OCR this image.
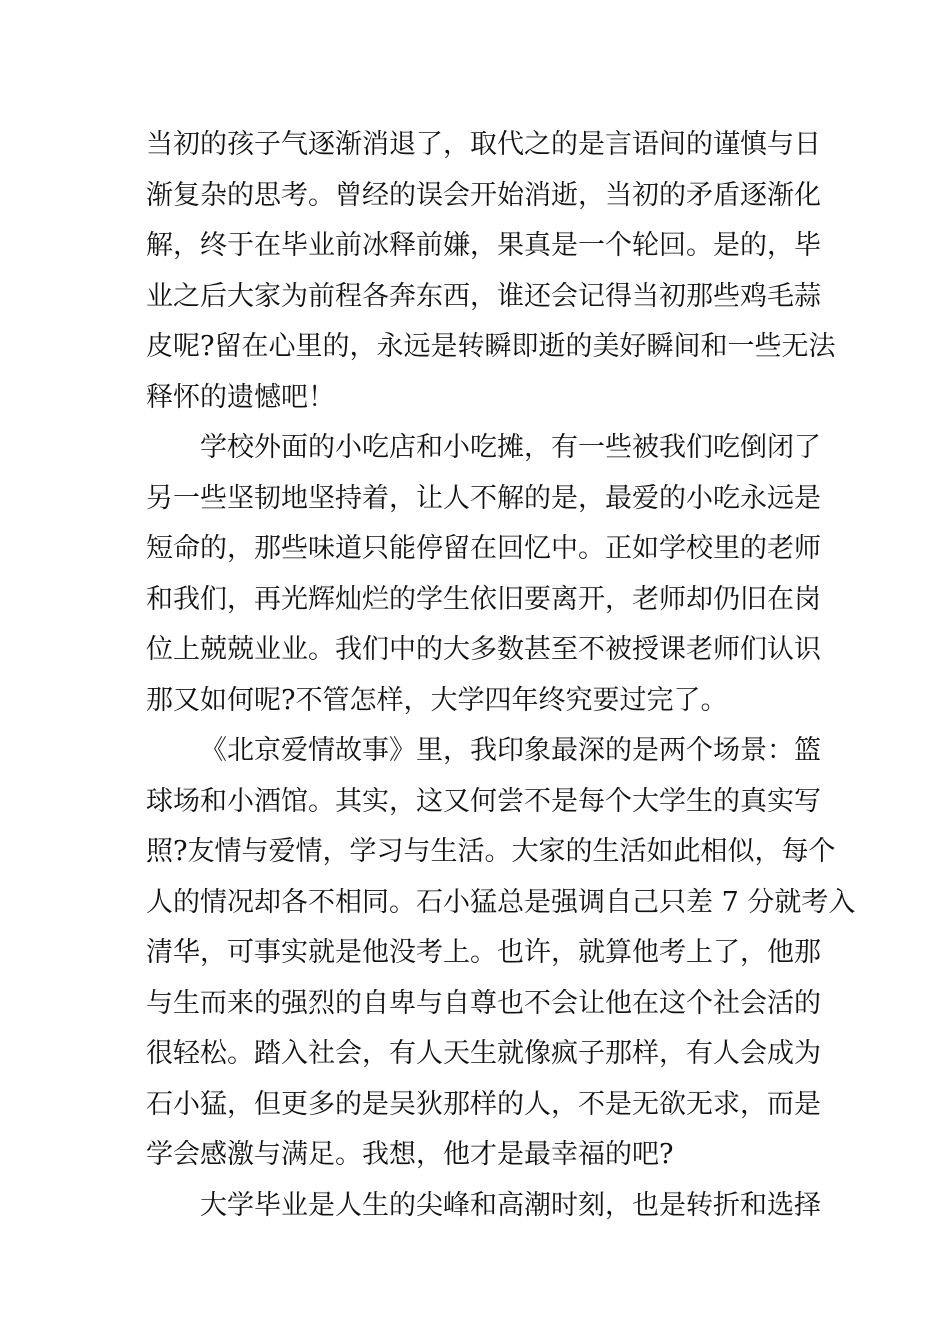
当初的孩子气逐渐消退了，取代之的是言语间的谨慎与日
渐复杂的思考。曾经的误会开始消逝，当初的矛盾逐渐化
解，终于在毕业前冰释前嫌，果真是一个轮回。是的，毕
业之后大家为前程各奔东西，谁还会记得当初那些鸡毛蒜
皮呢?留在心里的，永远是转瞬即逝的美好瞬间和一些无法
释怀的遗憾吧！
学校外面的小吃店和小吃摊，有一些被我们吃倒闭了
另一些坚韧地坚持着，让人不解的是，最爱的小吃永远是
短命的，那些味道只能停留在回忆中。正如学校里的老师
和我们，再光辉灿烂的学生依旧要离开，老师却仍旧在岗
位上兢兢业业。我们中的大多数甚至不被授课老师们认识
那又如何呢?不管怎样，大学四年终究要过完了。
《北京爱情故事》里，我印象最深的是两个场景：篮
球场和小酒馆。其实，这又何尝不是每个大学生的真实写
照?友情与爱情，学习与生活。大家的生活如此相似，每个
人的情况却各不相同。石小猛总是强调自己只差 7 分就考入
清华，可事实就是他没考上。也许，就算他考上了，他那
与生而来的强烈的自卑与自尊也不会让他在这个社会活的
很轻松。踏入社会，有人天生就像疯子那样，有人会成为
石小猛，但更多的是吴狄那样的人，不是无欲无求，而是
学会感激与满足。我想，他才是最幸福的吧?
大学毕业是人生的尖峰和高潮时刻，也是转折和选择
